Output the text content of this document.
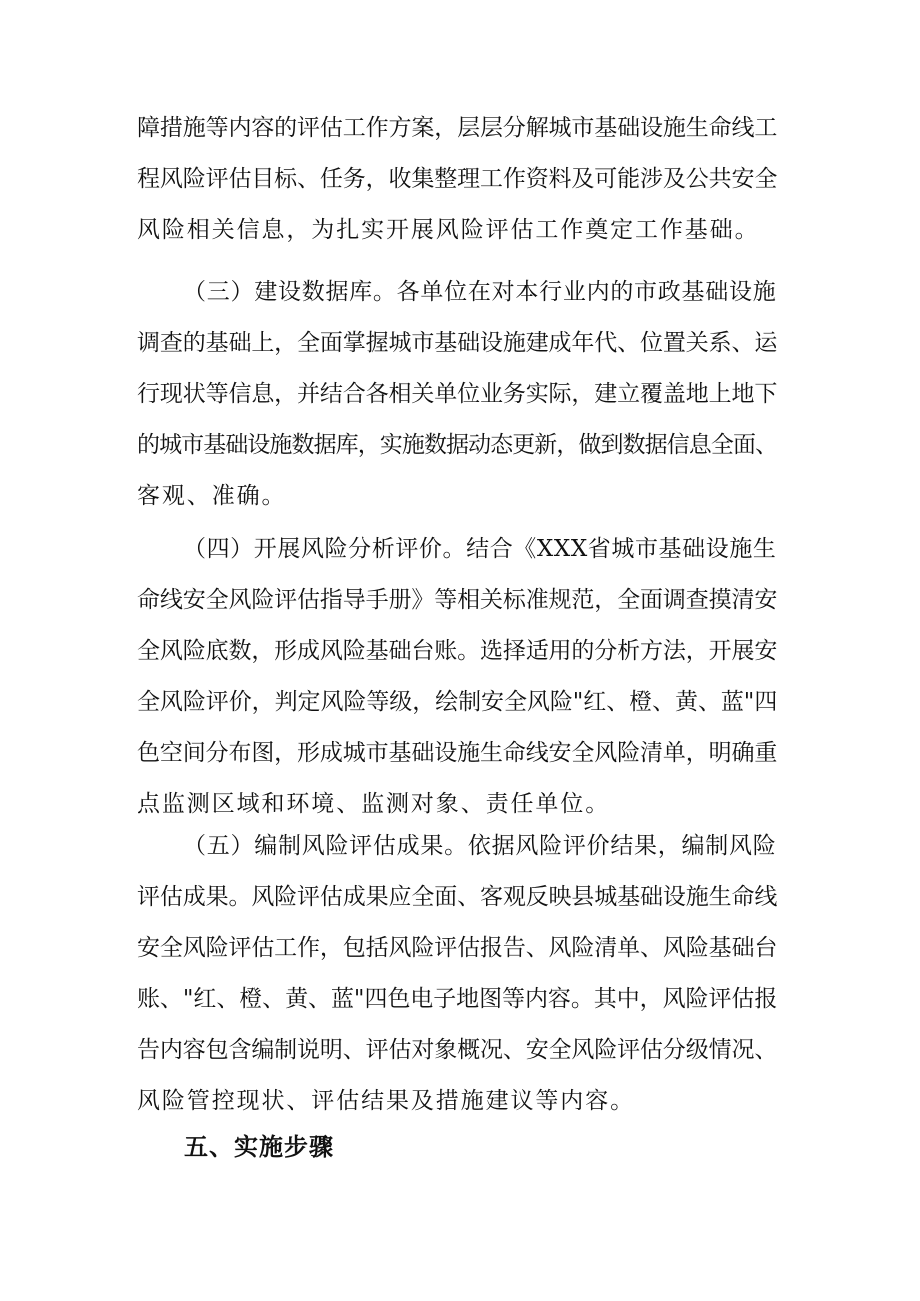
障措施等内容的评估工作方案，层层分解城市基础设施生命线工
程风险评估目标、任务，收集整理工作资料及可能涉及公共安全
风险相关信息，为扎实开展风险评估工作奠定工作基础。
（三）建设数据库。各单位在对本行业内的市政基础设施
调查的基础上，全面掌握城市基础设施建成年代、位置关系、运
行现状等信息，并结合各相关单位业务实际，建立覆盖地上地下
的城市基础设施数据库，实施数据动态更新，做到数据信息全面、
客观、准确。
（四）开展风险分析评价。结合《XXX省城市基础设施生
命线安全风险评估指导手册》等相关标准规范，全面调查摸清安
全风险底数，形成风险基础台账。选择适用的分析方法，开展安
全风险评价，判定风险等级，绘制安全风险"红、橙、黄、蓝"四
色空间分布图，形成城市基础设施生命线安全风险清单，明确重
点监测区域和环境、监测对象、责任单位。
（五）编制风险评估成果。依据风险评价结果，编制风险
评估成果。风险评估成果应全面、客观反映县城基础设施生命线
安全风险评估工作，包括风险评估报告、风险清单、风险基础台
账、"红、橙、黄、蓝"四色电子地图等内容。其中，风险评估报
告内容包含编制说明、评估对象概况、安全风险评估分级情况、
风险管控现状、评估结果及措施建议等内容。
五、实施步骤
